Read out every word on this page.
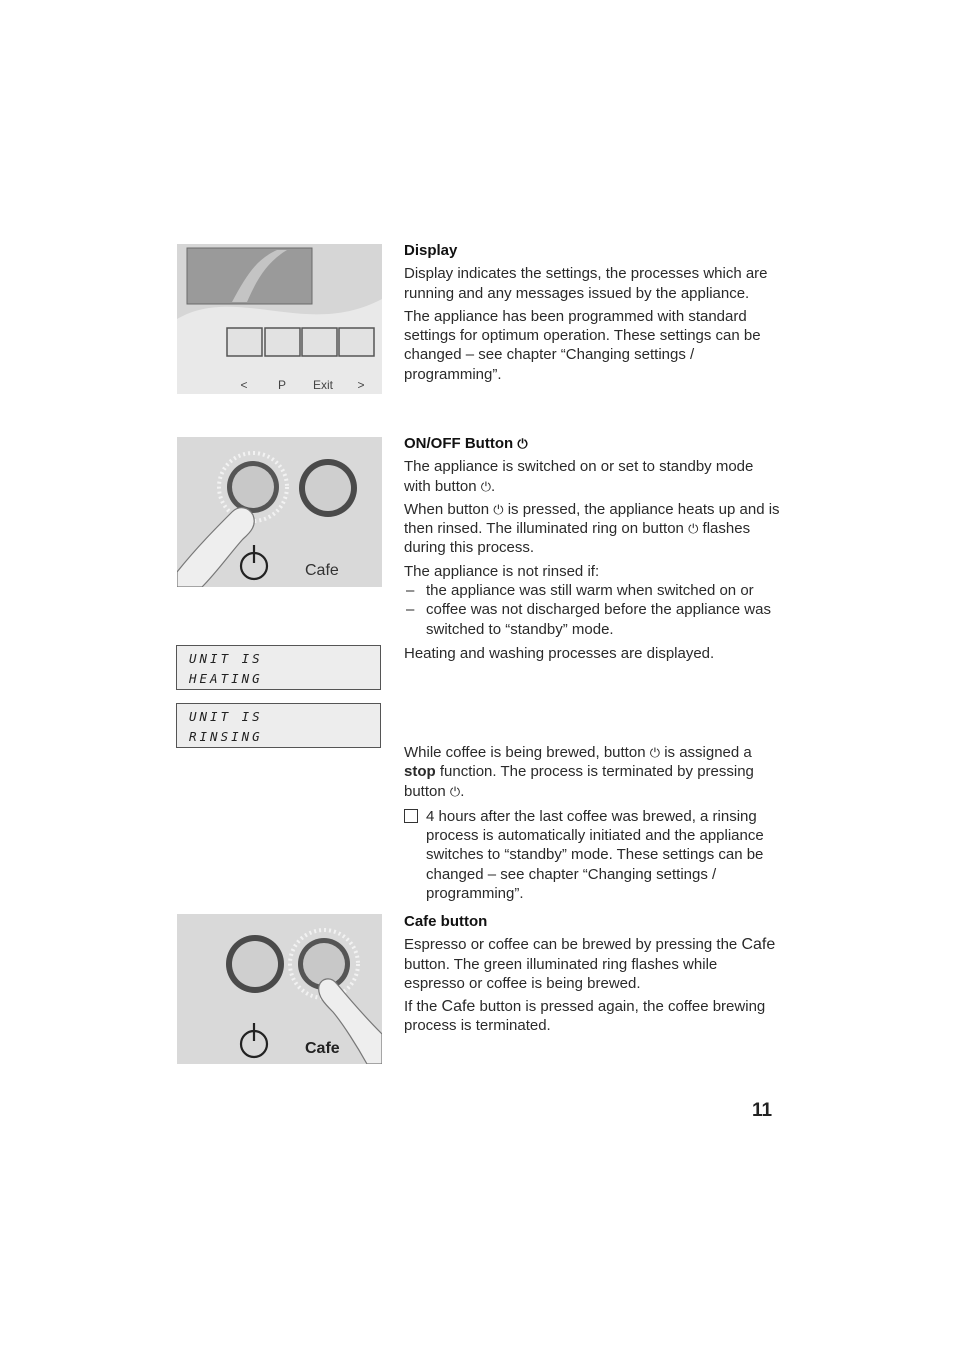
<	P Exit >
Cafe
UNIT IS
HEATING
UNIT IS
RINSING
Cafe

Display

Display indicates the settings, the processes which are running and any messages issued by the appliance.

The appliance has been programmed with standard settings for optimum operation. These settings can be changed – see chapter “Changing settings / programming”.

ON/OFF Button ⏻

The appliance is switched on or set to standby mode with button ⏻.

When button ⏻ is pressed, the appliance heats up and is then rinsed. The illuminated ring on button ⏻ flashes during this process.

The appliance is not rinsed if:

– the appliance was still warm when switched on or
– coffee was not discharged before the appliance was switched to “standby” mode.

Heating and washing processes are displayed.

While coffee is being brewed, button ⏻ is assigned a stop function. The process is terminated by pressing button ⏻.

4 hours after the last coffee was brewed, a rinsing process is automatically initiated and the appliance switches to “standby” mode. These settings can be changed – see chapter “Changing settings / programming”.

Cafe button

Espresso or coffee can be brewed by pressing the Cafe button. The green illuminated ring flashes while espresso or coffee is being brewed.

If the Cafe button is pressed again, the coffee brewing process is terminated.

11
